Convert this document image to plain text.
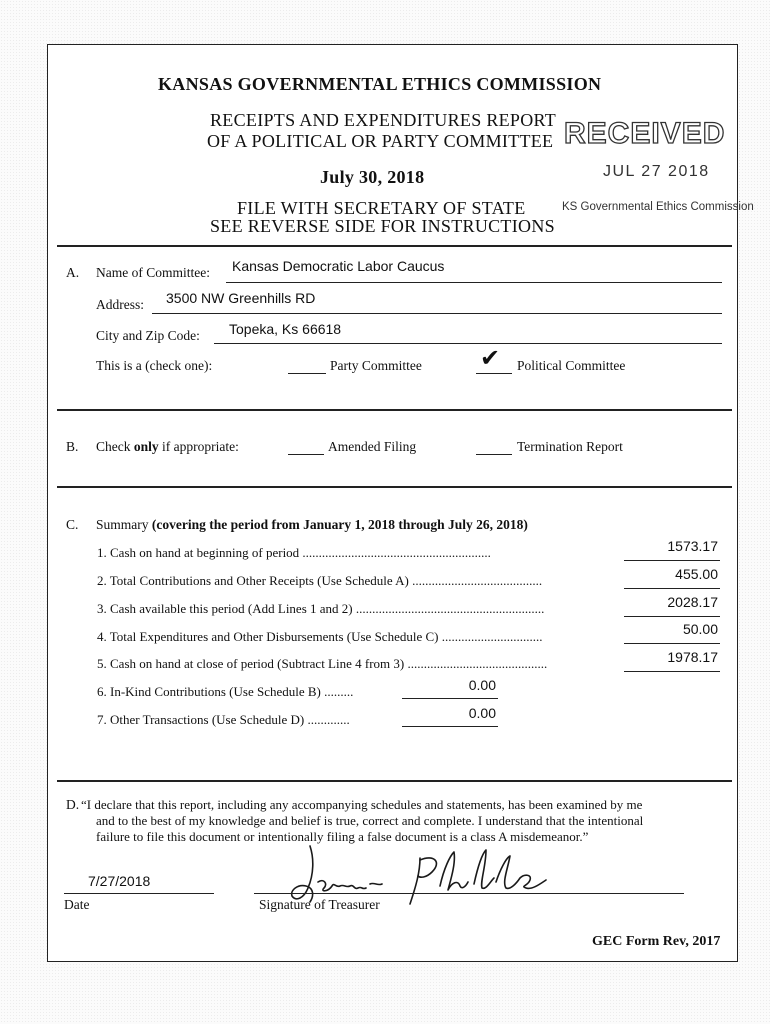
KANSAS GOVERNMENTAL ETHICS COMMISSION
RECEIPTS AND EXPENDITURES REPORT
OF A POLITICAL OR PARTY COMMITTEE
July 30, 2018
FILE WITH SECRETARY OF STATE
SEE REVERSE SIDE FOR INSTRUCTIONS
RECEIVED
JUL 27 2018
KS Governmental Ethics Commission
A. Name of Committee: Kansas Democratic Labor Caucus
Address: 3500 NW Greenhills RD
City and Zip Code: Topeka, Ks 66618
This is a (check one):	Party Committee ✔ Political Committee
B. Check only if appropriate:	Amended Filing	Termination Report
C. Summary (covering the period from January 1, 2018 through July 26, 2018)
1. Cash on hand at beginning of period ..........................................................	1573.17
2. Total Contributions and Other Receipts (Use Schedule A) ........................................	455.00
3. Cash available this period (Add Lines 1 and 2) ..........................................................	2028.17
4. Total Expenditures and Other Disbursements (Use Schedule C) ...............................	50.00
5. Cash on hand at close of period (Subtract Line 4 from 3) ...........................................	1978.17
6. In-Kind Contributions (Use Schedule B) .........	0.00
7. Other Transactions (Use Schedule D) .............	0.00
D. “I declare that this report, including any accompanying schedules and statements, has been examined by me
and to the best of my knowledge and belief is true, correct and complete. I understand that the intentional
failure to file this document or intentionally filing a false document is a class A misdemeanor.”
7/27/2018
Date	Signature of Treasurer
GEC Form Rev, 2017
